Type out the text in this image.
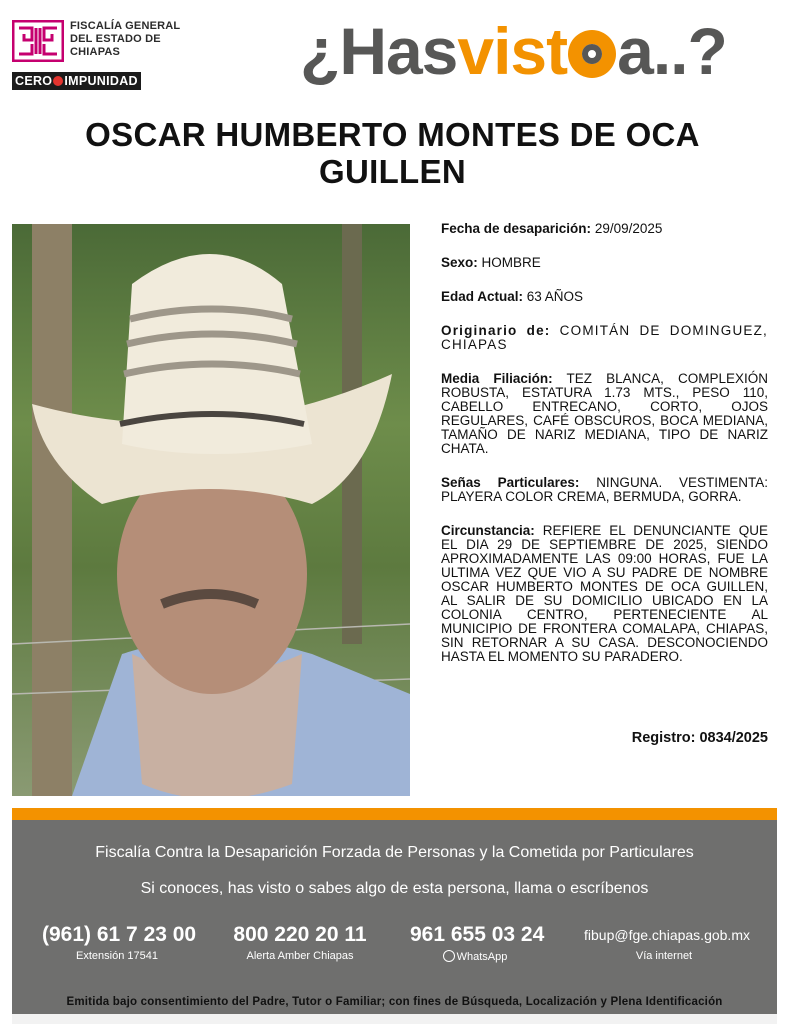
FISCALÍA GENERAL DEL ESTADO DE CHIAPAS
CERO IMPUNIDAD ¿Hasvist a..?
OSCAR HUMBERTO MONTES DE OCA GUILLEN
Fecha de desaparición: 29/09/2025
Sexo: HOMBRE
Edad Actual: 63 AÑOS
Originario de: COMITÁN DE DOMINGUEZ, CHIAPAS
Media Filiación: TEZ BLANCA, COMPLEXIÓN ROBUSTA, ESTATURA 1.73 MTS., PESO 110, CABELLO ENTRECANO, CORTO, OJOS REGULARES, CAFÉ OBSCUROS, BOCA MEDIANA, TAMAÑO DE NARIZ MEDIANA, TIPO DE NARIZ CHATA.
Señas Particulares: NINGUNA. VESTIMENTA: PLAYERA COLOR CREMA, BERMUDA, GORRA.
Circunstancia: REFIERE EL DENUNCIANTE QUE EL DIA 29 DE SEPTIEMBRE DE 2025, SIENDO APROXIMADAMENTE LAS 09:00 HORAS, FUE LA ULTIMA VEZ QUE VIO A SU PADRE DE NOMBRE OSCAR HUMBERTO MONTES DE OCA GUILLEN, AL SALIR DE SU DOMICILIO UBICADO EN LA COLONIA CENTRO, PERTENECIENTE AL MUNICIPIO DE FRONTERA COMALAPA, CHIAPAS, SIN RETORNAR A SU CASA. DESCONOCIENDO HASTA EL MOMENTO SU PARADERO.
Registro: 0834/2025
Fiscalía Contra la Desaparición Forzada de Personas y la Cometida por Particulares
Si conoces, has visto o sabes algo de esta persona, llama o escríbenos
(961) 61 7 23 00
Extensión 17541
800 220 20 11
Alerta Amber Chiapas
961 655 03 24
WhatsApp
fibup@fge.chiapas.gob.mx
Vía internet
Emitida bajo consentimiento del Padre, Tutor o Familiar; con fines de Búsqueda, Localización y Plena Identificación
